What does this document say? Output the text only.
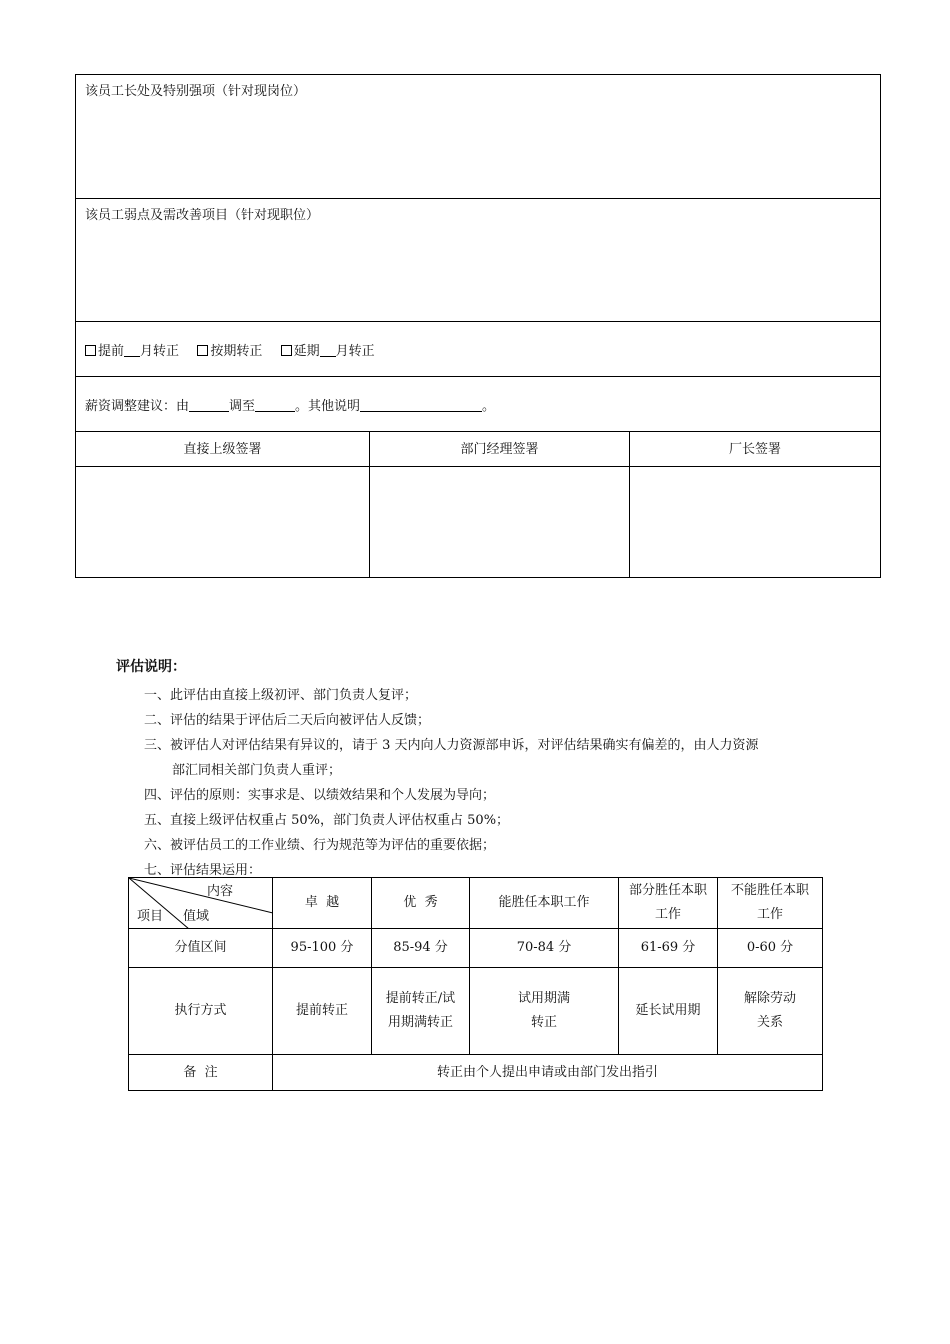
该员工长处及特别强项（针对现岗位）		
该员工弱点及需改善项目（针对现职位）		
提前 月转正 按期转正 延期 月转正		
薪资调整建议：由 调至 。其他说明 。		
直接上级签署	部门经理签署	厂长签署

评估说明：
一、此评估由直接上级初评、部门负责人复评；
二、评估的结果于评估后二天后向被评估人反馈；
三、被评估人对评估结果有异议的，请于 3 天内向人力资源部申诉，对评估结果确实有偏差的，由人力资源
部汇同相关部门负责人重评；
四、评估的原则：实事求是、以绩效结果和个人发展为导向；
五、直接上级评估权重占 50%，部门负责人评估权重占 50%；
六、被评估员工的工作业绩、行为规范等为评估的重要依据；
七、评估结果运用：
内容
项目 值域	卓  越	优  秀	能胜任本职工作	部分胜任本职工作	不能胜任本职工作
分值区间	95-100 分	85-94 分	70-84 分	61-69 分	0-60 分
执行方式	提前转正	提前转正/试用期满转正	试用期满转正	延长试用期	解除劳动关系
备  注	转正由个人提出申请或由部门发出指引				
